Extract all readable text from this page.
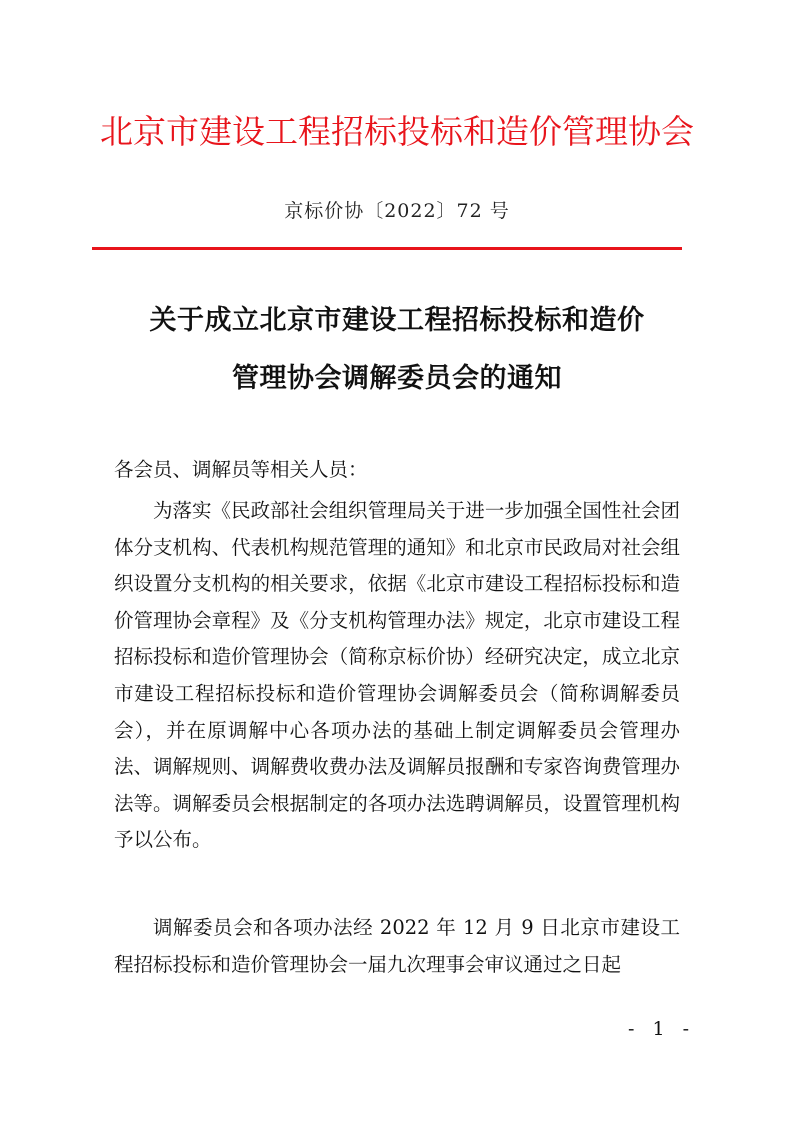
北京市建设工程招标投标和造价管理协会
京标价协〔2022〕72 号
关于成立北京市建设工程招标投标和造价
管理协会调解委员会的通知
各会员、调解员等相关人员：
为落实《民政部社会组织管理局关于进一步加强全国性社会团体分支机构、代表机构规范管理的通知》和北京市民政局对社会组织设置分支机构的相关要求，依据《北京市建设工程招标投标和造价管理协会章程》及《分支机构管理办法》规定，北京市建设工程招标投标和造价管理协会（简称京标价协）经研究决定，成立北京市建设工程招标投标和造价管理协会调解委员会（简称调解委员会），并在原调解中心各项办法的基础上制定调解委员会管理办法、调解规则、调解费收费办法及调解员报酬和专家咨询费管理办法等。调解委员会根据制定的各项办法选聘调解员，设置管理机构予以公布。
调解委员会和各项办法经 2022 年 12 月 9 日北京市建设工程招标投标和造价管理协会一届九次理事会审议通过之日起
- 1 -
